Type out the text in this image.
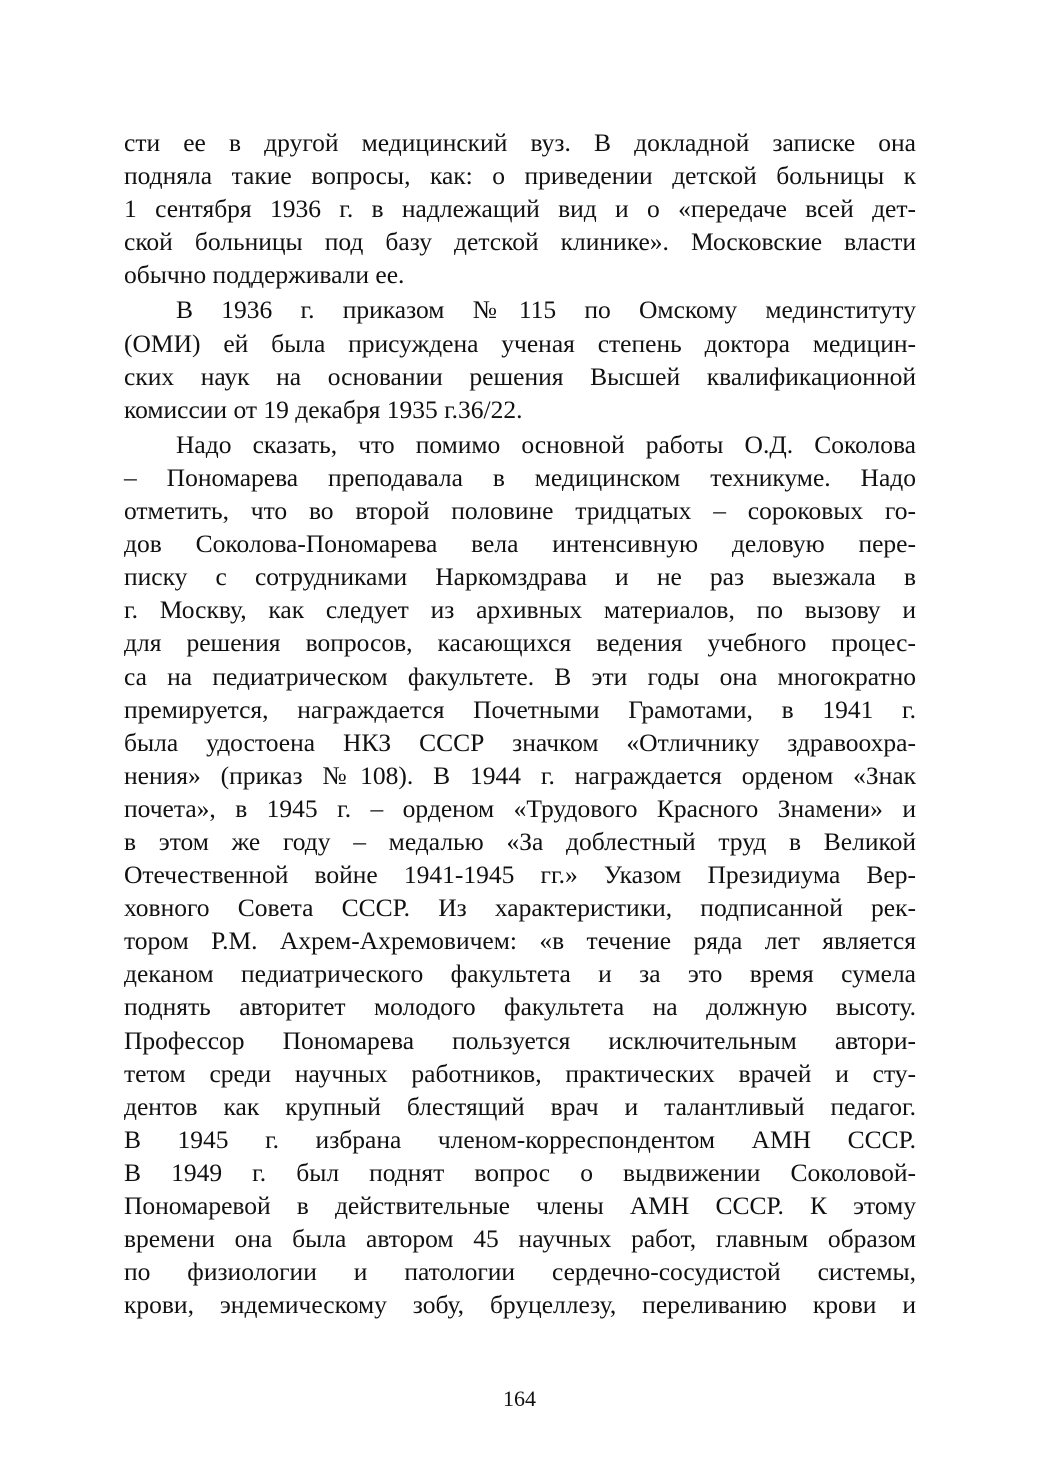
сти ее в другой медицинский вуз. В докладной записке она
подняла такие вопросы, как: о приведении детской больницы к
1 сентября 1936 г. в надлежащий вид и о «передаче всей дет-
ской больницы под базу детской клинике». Московские власти
обычно поддерживали ее.
В 1936 г. приказом №115 по Омскому мединституту
(ОМИ) ей была присуждена ученая степень доктора медицин-
ских наук на основании решения Высшей квалификационной
комиссии от 19 декабря 1935 г.36/22.
Надо сказать, что помимо основной работы О.Д. Соколова
– Пономарева преподавала в медицинском техникуме. Надо
отметить, что во второй половине тридцатых – сороковых го-
дов Соколова-Пономарева вела интенсивную деловую пере-
писку с сотрудниками Наркомздрава и не раз выезжала в
г. Москву, как следует из архивных материалов, по вызову и
для решения вопросов, касающихся ведения учебного процес-
са на педиатрическом факультете. В эти годы она многократно
премируется, награждается Почетными Грамотами, в 1941 г.
была удостоена НКЗ СССР значком «Отличнику здравоохра-
нения» (приказ №108). В 1944 г. награждается орденом «Знак
почета», в 1945 г. – орденом «Трудового Красного Знамени» и
в этом же году – медалью «За доблестный труд в Великой
Отечественной войне 1941-1945 гг.» Указом Президиума Вер-
ховного Совета СССР. Из характеристики, подписанной рек-
тором Р.М. Ахрем-Ахремовичем: «в течение ряда лет является
деканом педиатрического факультета и за это время сумела
поднять авторитет молодого факультета на должную высоту.
Профессор Пономарева пользуется исключительным автори-
тетом среди научных работников, практических врачей и сту-
дентов как крупный блестящий врач и талантливый педагог.
В 1945 г. избрана членом-корреспондентом АМН СССР.
В 1949 г. был поднят вопрос о выдвижении Соколовой-
Пономаревой в действительные члены АМН СССР. К этому
времени она была автором 45 научных работ, главным образом
по физиологии и патологии сердечно-сосудистой системы,
крови, эндемическому зобу, бруцеллезу, переливанию крови и
164
